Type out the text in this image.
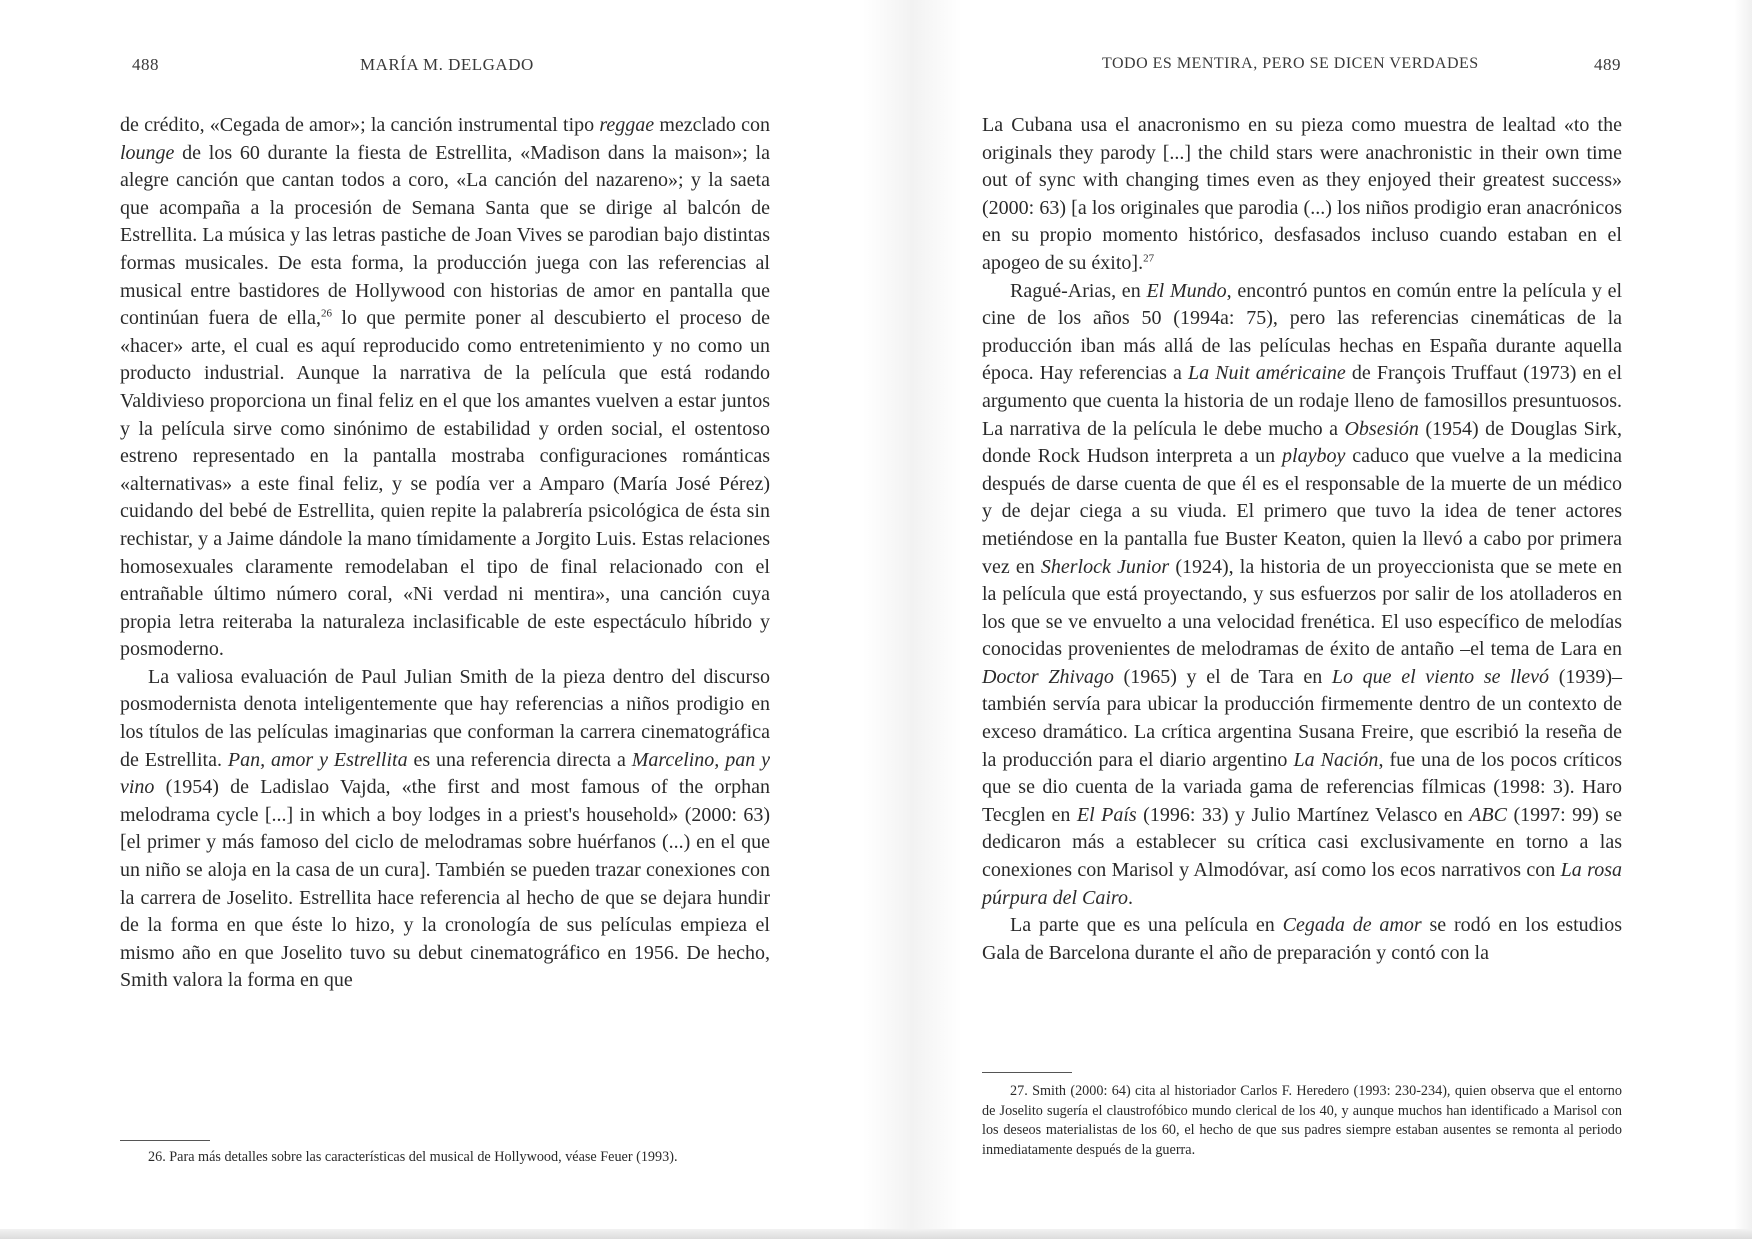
488	MARÍA M. DELGADO

de crédito, «Cegada de amor»; la canción instrumental tipo reggae mezclado con lounge de los 60 durante la fiesta de Estrellita, «Madison dans la maison»; la alegre canción que cantan todos a coro, «La canción del nazareno»; y la saeta que acompaña a la procesión de Semana Santa que se dirige al balcón de Estrellita. La música y las letras pastiche de Joan Vives se parodian bajo distintas formas musicales. De esta forma, la producción juega con las referencias al musical entre bastidores de Hollywood con historias de amor en pantalla que continúan fuera de ella,$^{26}$ lo que permite poner al descubierto el proceso de «hacer» arte, el cual es aquí reproducido como entretenimiento y no como un producto industrial. Aunque la narrativa de la película que está rodando Valdivieso proporciona un final feliz en el que los amantes vuelven a estar juntos y la película sirve como sinónimo de estabilidad y orden social, el ostentoso estreno representado en la pantalla mostraba configuraciones románticas «alternativas» a este final feliz, y se podía ver a Amparo (María José Pérez) cuidando del bebé de Estrellita, quien repite la palabrería psicológica de ésta sin rechistar, y a Jaime dándole la mano tímidamente a Jorgito Luis. Estas relaciones homosexuales claramente remodelaban el tipo de final relacionado con el entrañable último número coral, «Ni verdad ni mentira», una canción cuya propia letra reiteraba la naturaleza inclasificable de este espectáculo híbrido y posmoderno.

La valiosa evaluación de Paul Julian Smith de la pieza dentro del discurso posmodernista denota inteligentemente que hay referencias a niños prodigio en los títulos de las películas imaginarias que conforman la carrera cinematográfica de Estrellita. Pan, amor y Estrellita es una referencia directa a Marcelino, pan y vino (1954) de Ladislao Vajda, «the first and most famous of the orphan melodrama cycle [...] in which a boy lodges in a priest's household» (2000: 63) [el primer y más famoso del ciclo de melodramas sobre huérfanos (...) en el que un niño se aloja en la casa de un cura]. También se pueden trazar conexiones con la carrera de Joselito. Estrellita hace referencia al hecho de que se dejara hundir de la forma en que éste lo hizo, y la cronología de sus películas empieza el mismo año en que Joselito tuvo su debut cinematográfico en 1956. De hecho, Smith valora la forma en que

26. Para más detalles sobre las características del musical de Hollywood, véase Feuer (1993).

TODO ES MENTIRA, PERO SE DICEN VERDADES	489

La Cubana usa el anacronismo en su pieza como muestra de lealtad «to the originals they parody [...] the child stars were anachronistic in their own time out of sync with changing times even as they enjoyed their greatest success» (2000: 63) [a los originales que parodia (...) los niños prodigio eran anacrónicos en su propio momento histórico, desfasados incluso cuando estaban en el apogeo de su éxito].$^{27}$

Ragué-Arias, en El Mundo, encontró puntos en común entre la película y el cine de los años 50 (1994a: 75), pero las referencias cinemáticas de la producción iban más allá de las películas hechas en España durante aquella época. Hay referencias a La Nuit américaine de François Truffaut (1973) en el argumento que cuenta la historia de un rodaje lleno de famosillos presuntuosos. La narrativa de la película le debe mucho a Obsesión (1954) de Douglas Sirk, donde Rock Hudson interpreta a un playboy caduco que vuelve a la medicina después de darse cuenta de que él es el responsable de la muerte de un médico y de dejar ciega a su viuda. El primero que tuvo la idea de tener actores metiéndose en la pantalla fue Buster Keaton, quien la llevó a cabo por primera vez en Sherlock Junior (1924), la historia de un proyeccionista que se mete en la película que está proyectando, y sus esfuerzos por salir de los atolladeros en los que se ve envuelto a una velocidad frenética. El uso específico de melodías conocidas provenientes de melodramas de éxito de antaño –el tema de Lara en Doctor Zhivago (1965) y el de Tara en Lo que el viento se llevó (1939)– también servía para ubicar la producción firmemente dentro de un contexto de exceso dramático. La crítica argentina Susana Freire, que escribió la reseña de la producción para el diario argentino La Nación, fue una de los pocos críticos que se dio cuenta de la variada gama de referencias fílmicas (1998: 3). Haro Tecglen en El País (1996: 33) y Julio Martínez Velasco en ABC (1997: 99) se dedicaron más a establecer su crítica casi exclusivamente en torno a las conexiones con Marisol y Almodóvar, así como los ecos narrativos con La rosa púrpura del Cairo.

La parte que es una película en Cegada de amor se rodó en los estudios Gala de Barcelona durante el año de preparación y contó con la

27. Smith (2000: 64) cita al historiador Carlos F. Heredero (1993: 230-234), quien observa que el entorno de Joselito sugería el claustrofóbico mundo clerical de los 40, y aunque muchos han identificado a Marisol con los deseos materialistas de los 60, el hecho de que sus padres siempre estaban ausentes se remonta al periodo inmediatamente después de la guerra.
